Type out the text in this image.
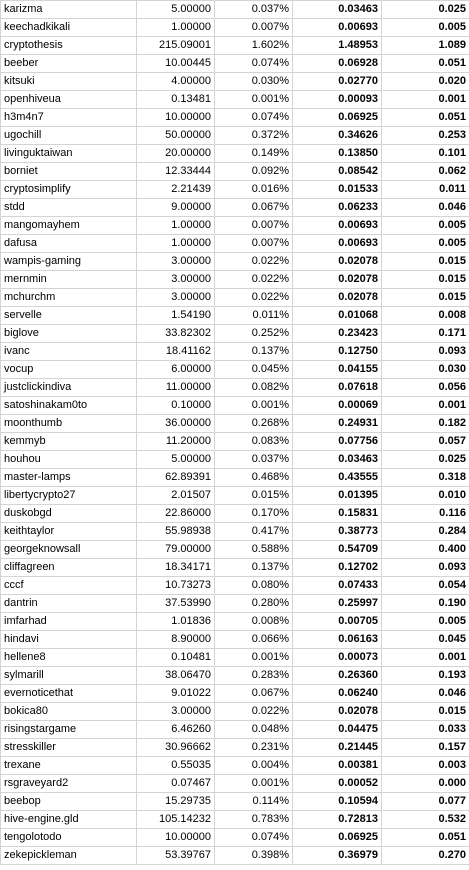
karizma	5.00000	0.037%	0.03463	0.025
keechadkikali	1.00000	0.007%	0.00693	0.005
cryptothesis	215.09001	1.602%	1.48953	1.089
beeber	10.00445	0.074%	0.06928	0.051
kitsuki	4.00000	0.030%	0.02770	0.020
openhiveua	0.13481	0.001%	0.00093	0.001
h3m4n7	10.00000	0.074%	0.06925	0.051
ugochill	50.00000	0.372%	0.34626	0.253
livinguktaiwan	20.00000	0.149%	0.13850	0.101
borniet	12.33444	0.092%	0.08542	0.062
cryptosimplify	2.21439	0.016%	0.01533	0.011
stdd	9.00000	0.067%	0.06233	0.046
mangomayhem	1.00000	0.007%	0.00693	0.005
dafusa	1.00000	0.007%	0.00693	0.005
wampis-gaming	3.00000	0.022%	0.02078	0.015
mernmin	3.00000	0.022%	0.02078	0.015
mchurchm	3.00000	0.022%	0.02078	0.015
servelle	1.54190	0.011%	0.01068	0.008
biglove	33.82302	0.252%	0.23423	0.171
ivanc	18.41162	0.137%	0.12750	0.093
vocup	6.00000	0.045%	0.04155	0.030
justclickindiva	11.00000	0.082%	0.07618	0.056
satoshinakam0to	0.10000	0.001%	0.00069	0.001
moonthumb	36.00000	0.268%	0.24931	0.182
kemmyb	11.20000	0.083%	0.07756	0.057
houhou	5.00000	0.037%	0.03463	0.025
master-lamps	62.89391	0.468%	0.43555	0.318
libertycrypto27	2.01507	0.015%	0.01395	0.010
duskobgd	22.86000	0.170%	0.15831	0.116
keithtaylor	55.98938	0.417%	0.38773	0.284
georgeknowsall	79.00000	0.588%	0.54709	0.400
cliffagreen	18.34171	0.137%	0.12702	0.093
cccf	10.73273	0.080%	0.07433	0.054
dantrin	37.53990	0.280%	0.25997	0.190
imfarhad	1.01836	0.008%	0.00705	0.005
hindavi	8.90000	0.066%	0.06163	0.045
hellene8	0.10481	0.001%	0.00073	0.001
sylmarill	38.06470	0.283%	0.26360	0.193
evernoticethat	9.01022	0.067%	0.06240	0.046
bokica80	3.00000	0.022%	0.02078	0.015
risingstargame	6.46260	0.048%	0.04475	0.033
stresskiller	30.96662	0.231%	0.21445	0.157
trexane	0.55035	0.004%	0.00381	0.003
rsgraveyard2	0.07467	0.001%	0.00052	0.000
beebop	15.29735	0.114%	0.10594	0.077
hive-engine.gld	105.14232	0.783%	0.72813	0.532
tengolotodo	10.00000	0.074%	0.06925	0.051
zekepickleman	53.39767	0.398%	0.36979	0.270
